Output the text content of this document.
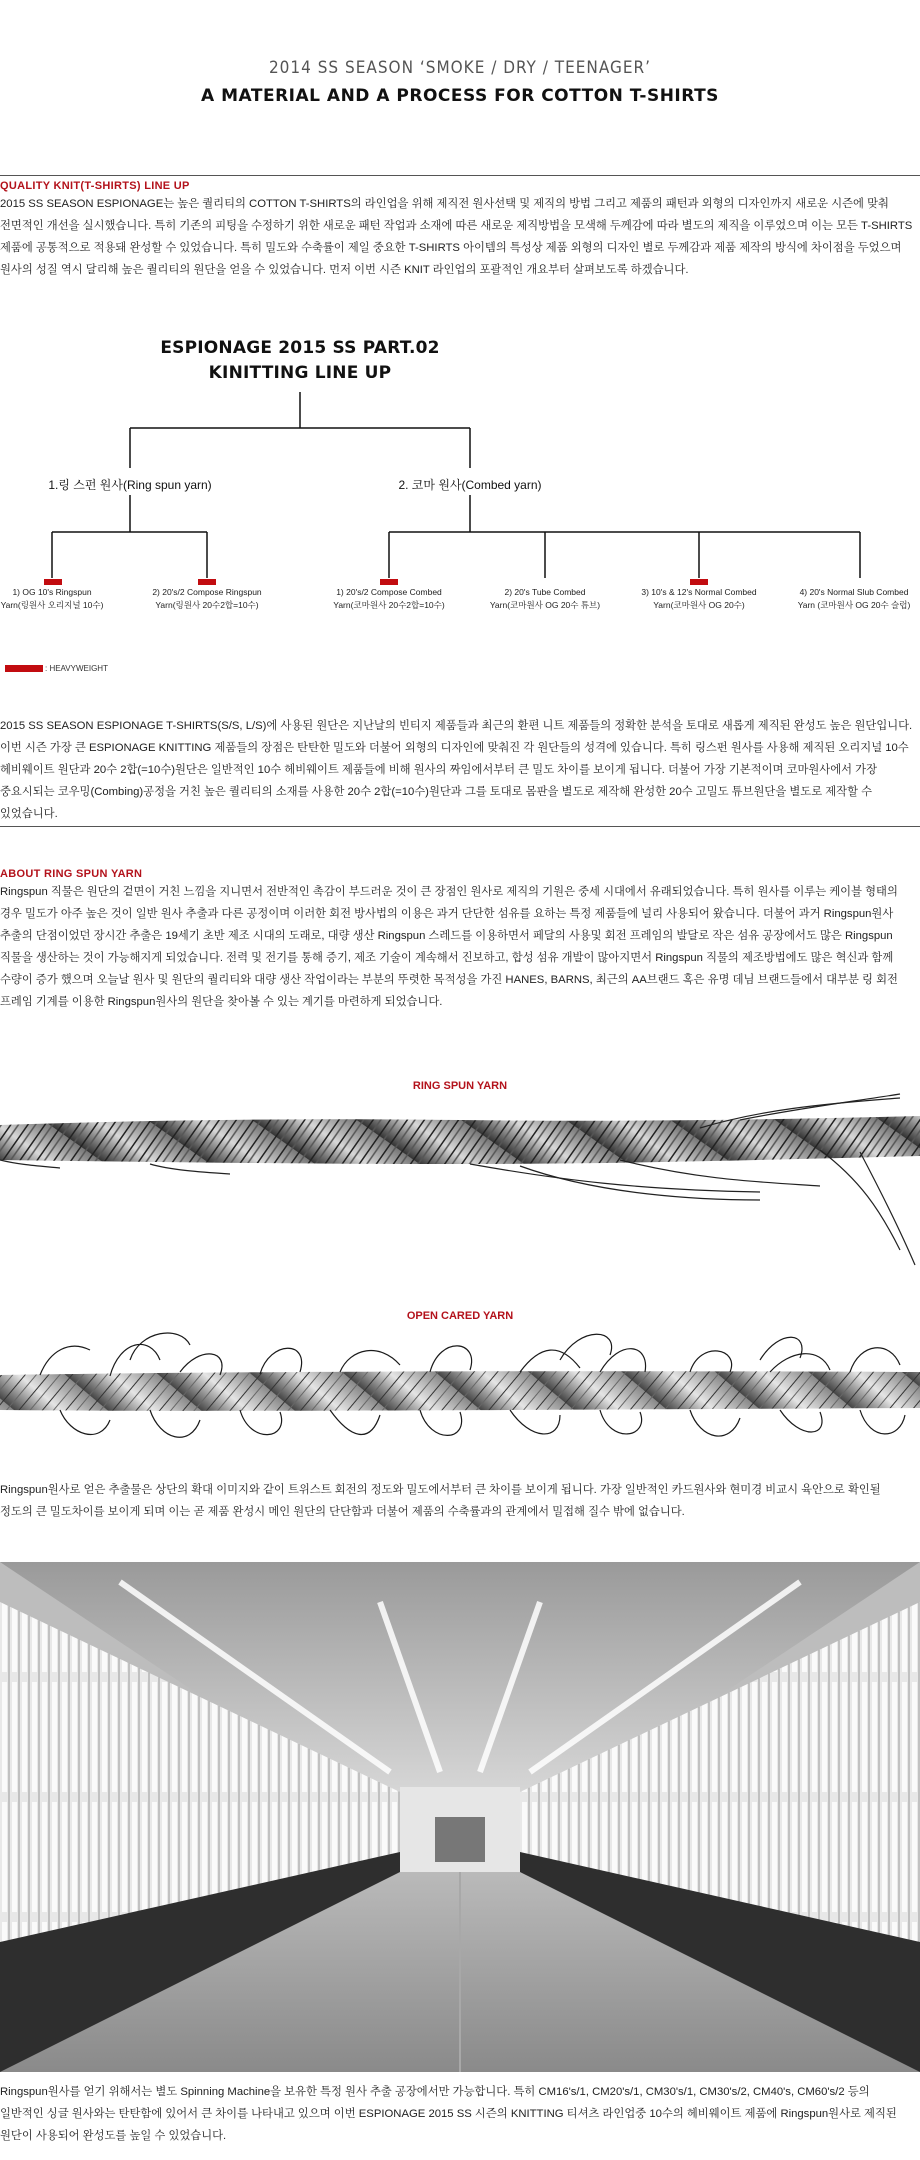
2014 SS SEASON ‘SMOKE / DRY / TEENAGER’
A MATERIAL AND A PROCESS FOR COTTON T-SHIRTS
QUALITY KNIT(T-SHIRTS) LINE UP
2015 SS SEASON ESPIONAGE는 높은 퀄리티의 COTTON T-SHIRTS의 라인업을 위해 제직전 원사선택 및 제직의 방법 그리고 제품의 패턴과 외형의 디자인까지 새로운 시즌에 맞춰 전면적인 개선을 실시했습니다. 특히 기존의 피팅을 수정하기 위한 새로운 패턴 작업과 소재에 따른 새로운 제직방법을 모색해 두께감에 따라 별도의 제직을 이루었으며 이는 모든 T-SHIRTS 제품에 공통적으로 적용돼 완성할 수 있었습니다. 특히 밀도와 수축률이 제일 중요한 T-SHIRTS 아이템의 특성상 제품 외형의 디자인 별로 두께감과 제품 제작의 방식에 차이점을 두었으며 원사의 성질 역시 달리해 높은 퀄리티의 원단을 얻을 수 있었습니다. 먼저 이번 시즌 KNIT 라인업의 포괄적인 개요부터 살펴보도록 하겠습니다.
ESPIONAGE 2015 SS PART.02
KINITTING LINE UP
1.링 스펀 원사(Ring spun yarn)	2. 코마 원사(Combed yarn)
1) OG 10's Ringspun
Yarn(링원사 오리지널 10수)
2) 20's/2 Compose Ringspun
Yarn(링원사 20수2합=10수)
1) 20's/2 Compose Combed
Yarn(코마원사 20수2합=10수)
2) 20's Tube Combed
Yarn(코마원사 OG 20수 튜브)
3) 10's & 12's Normal Combed
Yarn(코마원사 OG 20수)
4) 20's Normal Slub Combed
Yarn (코마원사 OG 20수 슬럽)
: HEAVYWEIGHT
2015 SS SEASON ESPIONAGE T-SHIRTS(S/S, L/S)에 사용된 원단은 지난날의 빈티지 제품들과 최근의 환편 니트 제품들의 정확한 분석을 토대로 새롭게 제직된 완성도 높은 원단입니다. 이번 시즌 가장 큰 ESPIONAGE KNITTING 제품들의 장점은 탄탄한 밀도와 더불어 외형의 디자인에 맞춰진 각 원단들의 성격에 있습니다. 특히 링스펀 원사를 사용해 제직된 오리지널 10수 헤비웨이트 원단과 20수 2합(=10수)원단은 일반적인 10수 헤비웨이트 제품들에 비해 원사의 짜임에서부터 큰 밀도 차이를 보이게 됩니다. 더불어 가장 기본적이며 코마원사에서 가장 중요시되는 코우밍(Combing)공정을 거친 높은 퀄리티의 소재를 사용한 20수 2합(=10수)원단과 그를 토대로 몸판을 별도로 제작해 완성한 20수 고밀도 튜브원단을 별도로 제작할 수 있었습니다.
ABOUT RING SPUN YARN
Ringspun 직물은 원단의 겉면이 거친 느낌을 지니면서 전반적인 촉감이 부드러운 것이 큰 장점인 원사로 제직의 기원은 중세 시대에서 유래되었습니다. 특히 원사를 이루는 케이블 형태의 경우 밀도가 아주 높은 것이 일반 원사 추출과 다른 공정이며 이러한 회전 방사법의 이용은 과거 단단한 섬유를 요하는 특정 제품들에 널리 사용되어 왔습니다. 더불어 과거 Ringspun원사 추출의 단점이었던 장시간 추출은 19세기 초반 제조 시대의 도래로, 대량 생산 Ringspun 스레드를 이용하면서 페달의 사용및 회전 프레임의 발달로 작은 섬유 공장에서도 많은 Ringspun 직물을 생산하는 것이 가능해지게 되었습니다. 전력 및 전기를 통해 증기, 제조 기술이 계속해서 진보하고, 합성 섬유 개발이 많아지면서 Ringspun 직물의 제조방법에도 많은 혁신과 함께 수량이 증가 했으며 오늘날 원사 및 원단의 퀄리티와 대량 생산 작업이라는 부분의 뚜렷한 목적성을 가진 HANES, BARNS, 최근의 AA브랜드 혹은 유명 데님 브랜드들에서 대부분 링 회전 프레임 기계를 이용한 Ringspun원사의 원단을 찾아볼 수 있는 계기를 마련하게 되었습니다.
RING SPUN YARN
OPEN CARED YARN
Ringspun원사로 얻은 추출물은 상단의 확대 이미지와 같이 트위스트 회전의 정도와 밀도에서부터 큰 차이를 보이게 됩니다. 가장 일반적인 카드원사와 현미경 비교시 육안으로 확인될 정도의 큰 밀도차이를 보이게 되며 이는 곧 제품 완성시 메인 원단의 단단함과 더불어 제품의 수축률과의 관계에서 밀접해 질수 밖에 없습니다.
Ringspun원사를 얻기 위해서는 별도 Spinning Machine을 보유한 특정 원사 추출 공장에서만 가능합니다. 특히 CM16's/1, CM20's/1, CM30's/1, CM30's/2, CM40's, CM60's/2 등의 일반적인 싱글 원사와는 탄탄함에 있어서 큰 차이를 나타내고 있으며 이번 ESPIONAGE 2015 SS 시즌의 KNITTING 티셔츠 라인업중 10수의 헤비웨이트 제품에 Ringspun원사로 제직된 원단이 사용되어 완성도를 높일 수 있었습니다.
